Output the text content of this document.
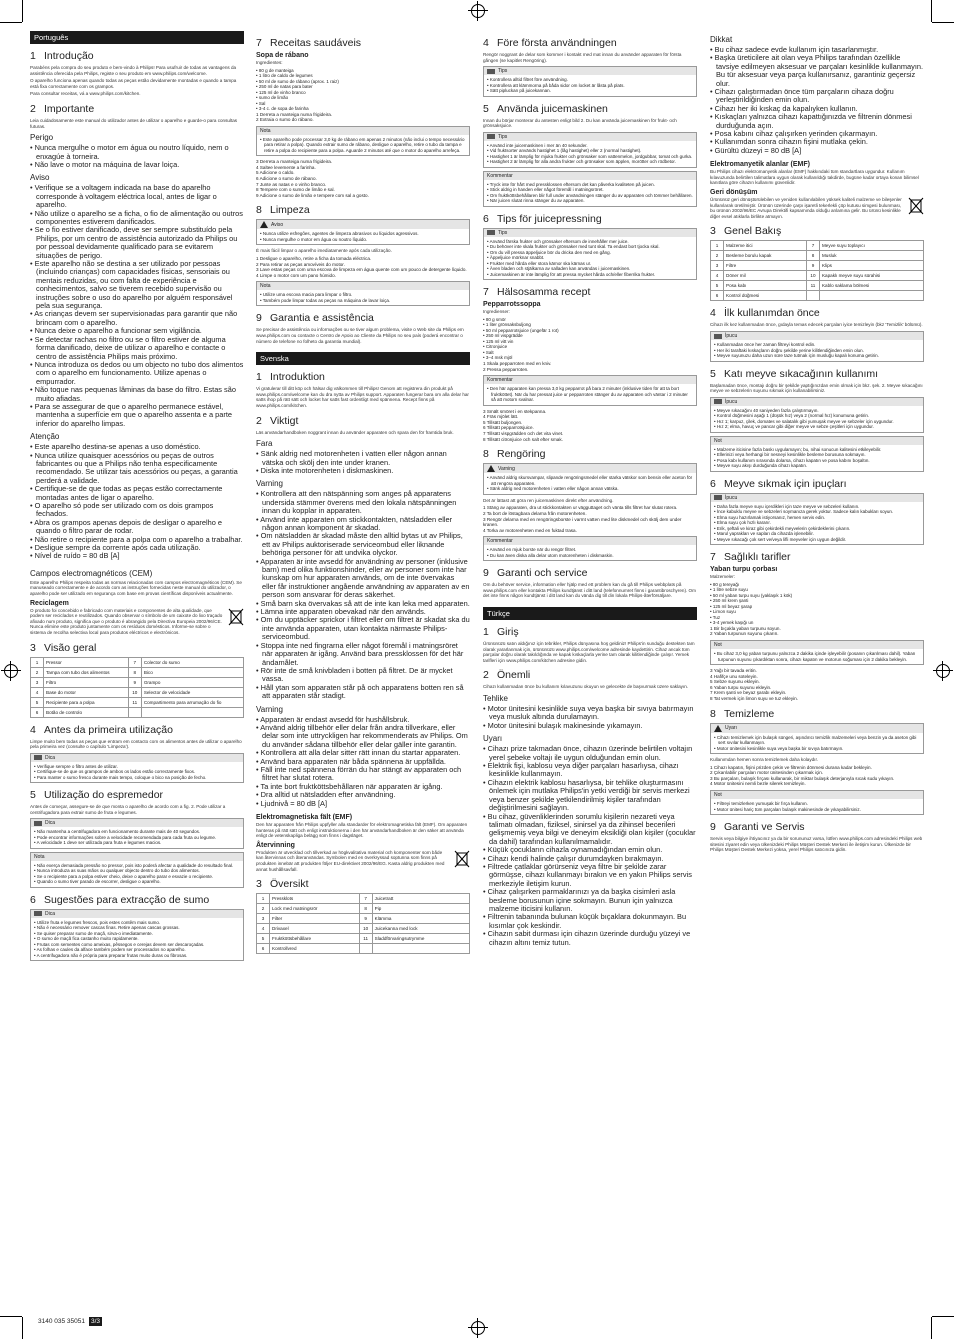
Português
1 Introdução

Parabéns pela compra do seu produto e bem-vindo à Philips! Para usufruir de todas as vantagens da assistência oferecida pela Philips, registe o seu produto em www.philips.com/welcome.

O aparelho funciona apenas quando todas as peças estão devidamente montadas e quando a tampa está fixa correctamente com os grampos.

Para consultar receitas, vá a www.philips.com/kitchen.

2 Importante

Leia cuidadosamente este manual do utilizador antes de utilizar o aparelho e guarde-o para consultas futuras.

Perigo
• Nunca mergulhe o motor em água ou noutro líquido, nem o enxagúe à torneira.
• Não lave o motor na máquina de lavar loiça.
Aviso
• Verifique se a voltagem indicada na base do aparelho corresponde à voltagem eléctrica local, antes de ligar o aparelho.
• Não utilize o aparelho se a ficha, o fio de alimentação ou outros componentes estiverem danificados.
• Se o fio estiver danificado, deve ser sempre substituído pela Philips, por um centro de assistência autorizado da Philips ou por pessoal devidamente qualificado para se evitarem situações de perigo.
• Este aparelho não se destina a ser utilizado por pessoas (incluindo crianças) com capacidades físicas, sensoriais ou mentais reduzidas, ou com falta de experiência e conhecimentos, salvo se tiverem recebido supervisão ou instruções sobre o uso do aparelho por alguém responsável pela sua segurança.
• As crianças devem ser supervisionadas para garantir que não brincam com o aparelho.
• Nunca deixe o aparelho a funcionar sem vigilância.
• Se detectar rachas no filtro ou se o filtro estiver de alguma forma danificado, deixe de utilizar o aparelho e contacte o centro de assistência Philips mais próximo.
• Nunca introduza os dedos ou um objecto no tubo dos alimentos com o aparelho em funcionamento. Utilize apenas o empurrador.
• Não toque nas pequenas lâminas da base do filtro. Estas são muito afiadas.
• Para se assegurar de que o aparelho permanece estável, mantenha a superfície em que o aparelho assenta e a parte inferior do aparelho limpas.
Atenção
• Este aparelho destina-se apenas a uso doméstico.
• Nunca utilize quaisquer acessórios ou peças de outros fabricantes ou que a Philips não tenha especificamente recomendado. Se utilizar tais acessórios ou peças, a garantia perderá a validade.
• Certifique-se de que todas as peças estão correctamente montadas antes de ligar o aparelho.
• O aparelho só pode ser utilizado com os dois grampos fechados.
• Abra os grampos apenas depois de desligar o aparelho e quando o filtro parar de rodar.
• Não retire o recipiente para a polpa com o aparelho a trabalhar.
• Desligue sempre da corrente após cada utilização.
• Nível de ruído = 80 dB [A]
Campos electromagnéticos (CEM)

Este aparelho Philips respeita todas as normas relacionadas com campos electromagnéticos (CEM). Se manuseado correctamente e de acordo com as instruções fornecidas neste manual do utilizador, o aparelho pode ser utilizado em segurança com base em provas científicas disponíveis actualmente.

Reciclagem

O produto foi concebido e fabricado com materiais e componentes de alta qualidade, que podem ser reciclados e reutilizados. Quando observar o símbolo de um caixote do lixo traçado afixado num produto, significa que o produto é abrangido pela Directiva Europeia 2002/96/CE. Nunca elimine este produto juntamente com os resíduos domésticos. Informe-se sobre o sistema de recolha selectiva local para produtos eléctricos e electrónicos.

3 Visão geral
1	Pressor	7	Colector do sumo
2	Tampa com tubo dos alimentos	8	Bico
3	Filtro	9	Grampo
4	Base do motor	10	Selector de velocidade
5	Recipiente para a polpa	11	Compartimento para arrumação do fio
6	Botão de controlo		
4 Antes da primeira utilização

Limpe muito bem todas as peças que entram em contacto com os alimentos antes de utilizar o aparelho pela primeira vez (consulte o capítulo 'Limpeza').

Dica
• Verifique sempre o filtro antes de utilizar.
• Certifique-se de que os grampos de ambos os lados estão correctamente fixos.
• Para manter o sumo fresco durante mais tempo, coloque o bico na posição de fecho.
5 Utilização do espremedor

Antes de começar, assegure-se de que monta o aparelho de acordo com a fig. 2. Pode utilizar a centrifugadora para extrair sumo de fruta e legumes.

Dica
• Não mantenha a centrifugadora em funcionamento durante mais de 40 segundos.
• Pode encontrar informações sobre a velocidade recomendada para cada fruta ou legume.
• A velocidade 1 deve ser utilizada para fruta e legumes macios.
Nota
• Não exerça demasiada pressão no pressor, pois isto poderá afectar a qualidade do resultado final.
• Nunca introduza as suas mãos ou qualquer objecto dentro do tubo dos alimentos.
• Se o recipiente para a polpa estiver cheio, deixe o aparelho parar e esvazie o recipiente.
• Quando o sumo tiver parado de escorrer, desligue o aparelho.
6 Sugestões para extracção de sumo
Dica
• Utilize fruta e legumes frescos, pois estes contêm mais sumo.
• Não é necessário remover cascas finas. Retire apenas cascas grossas.
• Se quiser preparar sumo de maçã, sirva-o imediatamente.
• O sumo de maçã fica castanho muito rapidamente.
• Frutas com sementes como ameixas, pêssegos e cerejas devem ser descaroçadas.
• As folhas e caules da alface também podem ser processados no aparelho.
• A centrifugadora não é própria para preparar frutas muito duras ou fibrosas.
7 Receitas saudáveis
Sopa de rábano

Ingredientes:

• 80 g de manteiga
• 1 litro de caldo de legumes
• 50 ml de sumo de rábano (aprox. 1 raiz)
• 250 ml de natas para bater
• 125 ml de vinho branco
• sumo de limão
• Sal
• 3-4 c. de sopa de farinha
1 Derreta a manteiga numa frigideira.
2 Extraia o sumo do rábano.
Nota
• Este aparelho pode processar 3,0 kg de rábano em apenas 2 minutos (não inclui o tempo necessário para retirar a polpa). Quando extrair sumo de rábano, desligue o aparelho, retire o tubo da tampa e retire a polpa do recipiente para a polpa. Aguarde 2 minutos até que o motor do aparelho arrefeça.
3 Derreta a manteiga numa frigideira.
4 Saltee levemente a farinha.
5 Adicione o caldo.
6 Adicione o sumo de rábano.
7 Junte as natas e o vinho branco.
8 Tempere com o sumo de limão e sal.
9 Adicione o sumo de limão e tempere com sal a gosto.
8 Limpeza
Aviso
• Nunca utilize esfregões, agentes de limpeza abrasivos ou líquidos agressivos.
• Nunca mergulhe o motor em água ou noutro líquido.

É mais fácil limpar o aparelho imediatamente após cada utilização.

1 Desligue o aparelho, retire a ficha da tomada eléctrica.
2 Para retirar as peças amovíveis do motor.
3 Lave estas peças com uma escova de limpeza em água quente com um pouco de detergente líquido.
4 Limpe o motor com um pano húmido.
Nota
• Utilize uma escova macia para limpar o filtro.
• Também pode limpar todas as peças na máquina de lavar loiça.
9 Garantia e assistência

Se precisar de assistência ou informações ou se tiver algum problema, visite o Web site da Philips em www.philips.com ou contacte o Centro de Apoio ao Cliente da Philips no seu país (poderá encontrar o número de telefone no folheto da garantia mundial).

Svenska
1 Introduktion

Vi gratulerar till ditt köp och hälsar dig välkommen till Philips! Genom att registrera din produkt på www.philips.com/welcome kan du dra nytta av Philips support. Apparaten fungerar bara om alla delar har satts ihop på rätt sätt och locket har satts fast ordentligt med spännena. Recept finns på www.philips.com/kitchen.

2 Viktigt

Läs användarhandboken noggrant innan du använder apparaten och spara den för framtida bruk.

Fara
• Sänk aldrig ned motorenheten i vatten eller någon annan vätska och skölj den inte under kranen.
• Diska inte motorenheten i diskmaskinen.
Varning
• Kontrollera att den nätspänning som anges på apparatens undersida stämmer överens med den lokala nätspänningen innan du kopplar in apparaten.
• Använd inte apparaten om stickkontakten, nätsladden eller någon annan komponent är skadad.
• Om nätsladden är skadad måste den alltid bytas ut av Philips, ett av Philips auktoriserade serviceombud eller liknande behöriga personer för att undvika olyckor.
• Apparaten är inte avsedd för användning av personer (inklusive barn) med olika funktionshinder, eller av personer som inte har kunskap om hur apparaten används, om de inte övervakas eller får instruktioner angående användning av apparaten av en person som ansvarar för deras säkerhet.
• Små barn ska övervakas så att de inte kan leka med apparaten.
• Lämna inte apparaten obevakad när den används.
• Om du upptäcker sprickor i filtret eller om filtret är skadat ska du inte använda apparaten, utan kontakta närmaste Philips-serviceombud.
• Stoppa inte ned fingrarna eller något föremål i matningsröret när apparaten är igång. Använd bara pressklossen för det här ändamålet.
• Rör inte de små knivbladen i botten på filtret. De är mycket vassa.
• Håll ytan som apparaten står på och apparatens botten ren så att apparaten står stadigt.
Varning
• Apparaten är endast avsedd för hushållsbruk.
• Använd aldrig tillbehör eller delar från andra tillverkare, eller delar som inte uttryckligen har rekommenderats av Philips. Om du använder sådana tillbehör eller delar gäller inte garantin.
• Kontrollera att alla delar sitter rätt innan du startar apparaten.
• Använd bara apparaten när båda spännena är uppfällda.
• Fäll inte ned spännena förrän du har stängt av apparaten och filtret har slutat rotera.
• Ta inte bort fruktköttsbehållaren när apparaten är igång.
• Dra alltid ut nätsladden efter användning.
• Ljudnivå = 80 dB [A]
Elektromagnetiska fält (EMF)

Den här apparaten från Philips uppfyller alla standarder för elektromagnetiska fält (EMF). Om apparaten hanteras på rätt sätt och enligt instruktionerna i den här användarhandboken är den säker att använda enligt de vetenskapliga belägg som finns i dagsläget.

Återvinning

Produkten är utvecklad och tillverkad av högkvalitativa material och komponenter som både kan återvinnas och återanvändas. Symbolen med en överkryssad soptunna som finns på produkten innebär att produkten följer EU-direktivet 2002/96/EG. Kasta aldrig produkten med annat hushållsavfall.

3 Översikt
1	Pressklots	7	Juicetratt
2	Lock med matningsrör	8	Pip
3	Filter	9	Klämma
4	Drivaxel	10	Juicekanna med lock
5	Fruktköttsbehållare	11	Sladdförvaringsutrymme
6	Kontrollvred		
4 Före första användningen

Rengör noggrant de delar som kommer i kontakt med mat innan du använder apparaten för första gången (se kapitlet Rengöring).

Tips
• Kontrollera alltid filtret före användning.
• Kontrollera att klämmorna på båda sidor om locket är låsta på plats.
• Sätt pipluckan på juicekannan.
5 Använda juicemaskinen

Innan du börjar monterar du antesten enligt bild 2. Du kan använda juicemaskinen för frukt- och grönsaksjuice.

Tips
• Använd inte juicemaskinen i mer än 40 sekunder.
• Vid fruktsorter används hastighet 1 (låg hastighet) eller 2 (normal hastighet).
• Hastighet 1 är lämplig för mjuka frukter och grönsaker som vattenmelon, jordgubbar, tomat och gurka.
• Hastighet 2 är lämplig för alla andra frukter och grönsaker som äpplen, morötter och rödbetor.
Kommentar
• Tryck inte för hårt med pressklossen eftersom det kan påverka kvaliteten på juicen.
• Stick aldrig in handen eller något föremål i matningsröret.
• Om fruktköttsbehållaren blir full under användningen stänger du av apparaten och tömmer behållaren.
• När juicen slutat rinna stänger du av apparaten.
6 Tips för juicepressning
Tips
• Använd färska frukter och grönsaker eftersom de innehåller mer juice.
• Du behöver inte skala frukter och grönsaker med tunt skal. Ta endast bort tjocka skal.
• Om du vill pressa äppeljuice bör du dricka den med en gång.
• Äppeljuice mörknar snabbt.
• Frukter med hårda eller stora kärnor ska kärnas ur.
• Även bladen och stjälkarna av salladen kan användas i juicemaskinen.
• Juicemaskinen är inte lämplig för att pressa mycket hårda och/eller fiberrika frukter.
7 Hälsosamma recept
Pepparrotssoppa

Ingredienser:

• 80 g smör
• 1 liter grönsaksbuljong
• 50 ml pepparrotsjuice (ungefär 1 rot)
• 250 ml vispgrädde
• 125 ml vitt vin
• Citronjuice
• Salt
• 3–4 msk mjöl
1 Skala pepparroten med en kniv.
2 Pressa pepparroten.
Kommentar
• Den här apparaten kan pressa 3,0 kg pepparrot på bara 2 minuter (inklusive tiden för att ta bort fruktköttet). När du har pressat juice ur pepparroten stänger du av apparaten och väntar i 2 minuter så att motorn svalnar.
3 Smält smöret i en stekpanna.
4 Fräs mjölet lätt.
5 Tillsätt buljongen.
6 Tillsätt pepparrotsjuice.
7 Tillsätt vispgrädden och det vita vinet.
8 Tillsätt citronjuice och salt efter smak.
8 Rengöring
Varning
• Använd aldrig skursvampar, slipande rengöringsmedel eller starka vätskor som bensin eller aceton för att rengöra apparaten.
• Sänk aldrig ned motorenheten i vatten eller någon annan vätska.

Det är lättast att göra ren juicemaskinen direkt efter användning.

1 Stäng av apparaten, dra ut stickkontakten ur vägguttaget och vänta tills filtret har slutat rotera.
2 Ta bort de löstagbara delarna från motorenheten.
3 Rengör delarna med en rengöringsborste i varmt vatten med lite diskmedel och skölj dem under kranen.
4 Torka av motorenheten med en fuktad trasa.
Kommentar
• Använd en mjuk borste när du rengör filtret.
• Du kan även diska alla delar utom motorenheten i diskmaskin.
9 Garanti och service

Om du behöver service, information eller hjälp med ett problem kan du gå till Philips webbplats på www.philips.com eller kontakta Philips kundtjänst i ditt land (telefonnumret finns i garantibroschyren). Om det inte finns någon kundtjänst i ditt land kan du vända dig till din lokala Philips-återförsäljare.

Türkçe
1 Giriş

Ürününüzü satın aldığınız için tebrikler, Philips dünyasına hoş geldiniz! Philips'in sunduğu destekten tam olarak yararlanmak için, ürününüzü www.philips.com/welcome adresinde kaydettirin. Cihaz ancak tüm parçalar doğru olarak takıldığında ve kapak kıskaçlarla yerine tam olarak kilitlendiğinde çalışır. Yemek tarifleri için www.philips.com/kitchen adresine gidin.

2 Önemli

Cihazı kullanmadan önce bu kullanım kılavuzunu okuyun ve gelecekte de başvurmak üzere saklayın.

Tehlike
• Motor ünitesini kesinlikle suya veya başka bir sıvıya batırmayın veya musluk altında durulamayın.
• Motor ünitesini bulaşık makinesinde yıkamayın.
Uyarı
• Cihazı prize takmadan önce, cihazın üzerinde belirtilen voltajın yerel şebeke voltajı ile uygun olduğundan emin olun.
• Elektrik fişi, kablosu veya diğer parçaları hasarlıysa, cihazı kesinlikle kullanmayın.
• Cihazın elektrik kablosu hasarlıysa, bir tehlike oluşturmasını önlemek için mutlaka Philips'in yetki verdiği bir servis merkezi veya benzer şekilde yetkilendirilmiş kişiler tarafından değiştirilmesini sağlayın.
• Bu cihaz, güvenliklerinden sorumlu kişilerin nezareti veya talimatı olmadan, fiziksel, sinirsel ya da zihinsel becerileri gelişmemiş veya bilgi ve deneyim eksikliği olan kişiler (çocuklar da dahil) tarafından kullanılmamalıdır.
• Küçük çocukların cihazla oynamadığından emin olun.
• Cihazı kendi halinde çalışır durumdayken bırakmayın.
• Filtrede çatlaklar görürseniz veya filtre bir şekilde zarar görmüşse, cihazı kullanmayı bırakın ve en yakın Philips servis merkeziyle iletişim kurun.
• Cihaz çalışırken parmaklarınızı ya da başka cisimleri asla besleme borusunun içine sokmayın. Bunun için yalnızca malzeme iticisini kullanın.
• Filtrenin tabanında bulunan küçük bıçaklara dokunmayın. Bu kısımlar çok keskindir.
• Cihazın sabit durması için cihazın üzerinde durduğu yüzeyi ve cihazın altını temiz tutun.
Dikkat
• Bu cihaz sadece evde kullanım için tasarlanmıştır.
• Başka üreticilere ait olan veya Philips tarafından özellikle tavsiye edilmeyen aksesuar ve parçaları kesinlikle kullanmayın. Bu tür aksesuar veya parça kullanırsanız, garantiniz geçersiz olur.
• Cihazı çalıştırmadan önce tüm parçaların cihaza doğru yerleştirildiğinden emin olun.
• Cihazı her iki kıskaç da kapalıyken kullanın.
• Kıskaçları yalnızca cihazı kapattığınızda ve filtrenin dönmesi durduğunda açın.
• Posa kabını cihaz çalışırken yerinden çıkarmayın.
• Kullanımdan sonra cihazın fişini mutlaka çekin.
• Gürültü düzeyi = 80 dB [A]
Elektromanyetik alanlar (EMF)

Bu Philips cihazı elektromanyetik alanlar (EMF) hakkındaki tüm standartlara uygundur. Kullanım kılavuzunda belirtilen talimatlara uygun olarak kullanıldığı takdirde, bugüne kadar ortaya konan bilimsel kanıtlara göre cihazın kullanımı güvenlidir.

Geri dönüşüm

Ürününüz geri dönüştürülebilen ve yeniden kullanılabilen yüksek kaliteli malzeme ve bileşenler kullanılarak üretilmiştir. Ürünün üzerinde çarpı işaretli tekerlekli çöp kutusu simgesi bulunması, bu ürünün 2002/96/EC Avrupa Direktifi kapsamında olduğu anlamına gelir. Bu ürünü kesinlikle diğer evsel atıklarla birlikte atmayın.

3 Genel Bakış
1	Malzeme itici	7	Meyve suyu toplayıcı
2	Besleme borulu kapak	8	Musluk
3	Filtre	9	Klips
4	Döner mil	10	Kapaklı meyve suyu sürahisi
5	Posa kabı	11	Kablo saklama bölmesi
6	Kontrol düğmesi		
4 İlk kullanımdan önce

Cihazı ilk kez kullanmadan önce, gıdayla temas edecek parçaları iyice temizleyin (bkz 'Temizlik' bölümü).

İpucu
• Kullanmadan önce her zaman filtreyi kontrol edin.
• Her iki taraftaki kıskaçların doğru şekilde yerine kilitlendiğinden emin olun.
• Meyve suyunuzu daha uzun süre taze tutmak için musluğu kapalı konuma getirin.
5 Katı meyve sıkacağının kullanımı

Başlamadan önce, montajı doğru bir şekilde yaptığınızdan emin olmak için bkz. şek. 2. Meyve sıkacağını meyve ve sebzelerin suyunu sıkmak için kullanabilirsiniz.

İpucu
• Meyve sıkacağını 40 saniyeden fazla çalıştırmayın.
• Kontrol düğmesini aşağı 1 (düşük hız) veya 2 (normal hız) konumuna getirin.
• Hız 1; karpuz, çilek, domates ve salatalık gibi yumuşak meyve ve sebzeler için uygundur.
• Hız 2; elma, havuç ve pancar gibi diğer meyve ve sebze çeşitleri için uygundur.
Not
• Malzeme iticisine fazla baskı uygulamayın; bu, nihai sonucun kalitesini etkileyebilir.
• Ellerinizi veya herhangi bir nesneyi kesinlikle besleme borusuna sokmayın.
• Posa kabı kullanım sırasında dolarsa, cihazı kapatın ve posa kabını boşaltın.
• Meyve suyu akışı durduğunda cihazı kapatın.
6 Meyve sıkmak için ipuçları
İpucu
• Daha fazla meyve suyu içerdikleri için taze meyve ve sebzeleri kullanın.
• İnce kabuklu meyve ve sebzeleri soymanıza gerek yoktur. Sadece kalın kabukları soyun.
• Elma suyu hazırlamak istiyorsanız, hemen servis edin.
• Elma suyu çok hızlı kararır.
• Erik, şeftali ve kiraz gibi çekirdekli meyvelerin çekirdeklerini çıkarın.
• Marul yaprakları ve sapları da cihazda işlenebilir.
• Meyve sıkacağı çok sert ve/veya lifli meyveler için uygun değildir.
7 Sağlıklı tarifler
Yaban turpu çorbası

Malzemeler:

• 80 g tereyağı
• 1 litre sebze suyu
• 50 ml yaban turpu suyu (yaklaşık 1 kök)
• 250 ml krem şanti
• 125 ml beyaz şarap
• Limon suyu
• Tuz
• 3-4 yemek kaşığı un
1 Bir bıçakla yaban turpunu soyun.
2 Yaban turpunun suyunu çıkarın.
Not
• Bu cihaz 3,0 kg yaban turpunu yalnızca 2 dakika içinde işleyebilir (posanın çıkarılması dahil). Yaban turpunun suyunu çıkardıktan sonra, cihazı kapatın ve motorun soğuması için 2 dakika bekleyin.
3 Yağı bir tavada eritin.
4 Hafifçe unu soteleyin.
5 Sebze suyunu ekleyin.
6 Yaban turpu suyunu ekleyin.
7 Krem şanti ve beyaz şarabı ekleyin.
8 Tat vermek için limon suyu ve tuz ekleyin.
8 Temizleme
Uyarı
• Cihazı temizlemek için bulaşık süngeri, aşındırıcı temizlik malzemeleri veya benzin ya da aseton gibi sert sıvılar kullanmayın.
• Motor ünitesini kesinlikle suya veya başka bir sıvıya batırmayın.

Kullanımdan hemen sonra temizlemek daha kolaydır.

1 Cihazı kapatın, fişini prizden çekin ve filtrenin dönmesi durana kadar bekleyin.
2 Çıkarılabilir parçaları motor ünitesinden çıkarmak için.
3 Bu parçaları, bulaşık fırçası kullanarak, bir miktar bulaşık deterjanıyla sıcak sudu yıkayın.
4 Motor ünitesini nemli bezle silerek temizleyin.
Not
• Filtreyi temizlerken yumuşak bir fırça kullanın.
• Motor ünitesi hariç tüm parçaları bulaşık makinesinde de yıkayabilirsiniz.
9 Garanti ve Servis

Servis veya bilgiye ihtiyacınız ya da bir sorununuz varsa, lütfen www.philips.com adresindeki Philips web sitesini ziyaret edin veya ülkenizdeki Philips Müşteri Destek Merkezi ile iletişim kurun. Ülkenizde bir Philips Müşteri Destek Merkezi yoksa, yerel Philips satıcınıza gidin.

3140 035 35051 3/3
